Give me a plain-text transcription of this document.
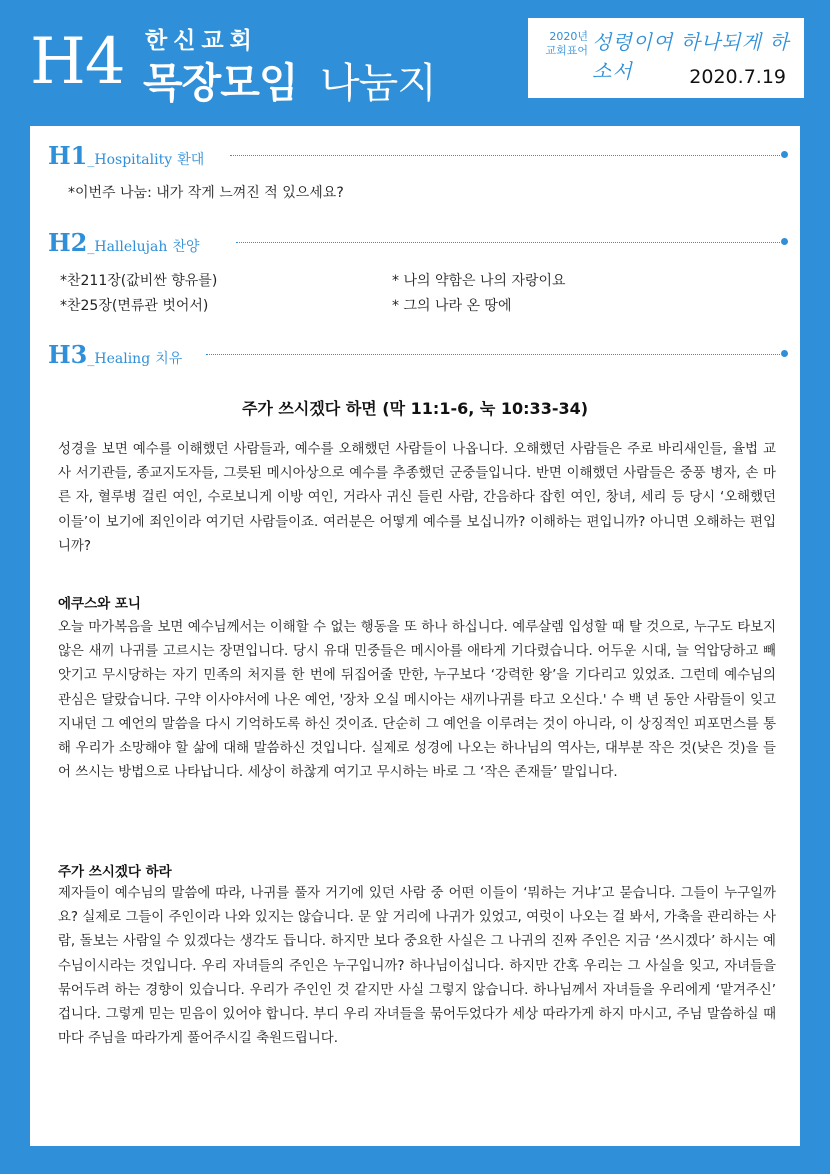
H4 한신교회
목장모임 나눔지
2020년
교회표어 성령이여 하나되게 하소서	2020.7.19
H1_Hospitality 환대
*이번주 나눔: 내가 작게 느껴진 적 있으세요?
H2_Hallelujah 찬양
*찬211장(값비싼 향유를)
*찬25장(면류관 벗어서)
* 나의 약함은 나의 자랑이요
* 그의 나라 온 땅에
H3_Healing 치유
주가 쓰시겠다 하면 (막 11:1-6, 눅 10:33-34)

성경을 보면 예수를 이해했던 사람들과, 예수를 오해했던 사람들이 나옵니다. 오해했던 사람들은 주로 바리새인들, 율법 교사 서기관들, 종교지도자들, 그릇된 메시아상으로 예수를 추종했던 군중들입니다. 반면 이해했던 사람들은 중풍 병자, 손 마른 자, 혈루병 걸린 여인, 수로보니게 이방 여인, 거라사 귀신 들린 사람, 간음하다 잡힌 여인, 창녀, 세리 등 당시 ‘오해했던 이들’이 보기에 죄인이라 여기던 사람들이죠. 여러분은 어떻게 예수를 보십니까? 이해하는 편입니까? 아니면 오해하는 편입니까?

에쿠스와 포니

오늘 마가복음을 보면 예수님께서는 이해할 수 없는 행동을 또 하나 하십니다. 예루살렘 입성할 때 탈 것으로, 누구도 타보지 않은 새끼 나귀를 고르시는 장면입니다. 당시 유대 민중들은 메시아를 애타게 기다렸습니다. 어두운 시대, 늘 억압당하고 빼앗기고 무시당하는 자기 민족의 처지를 한 번에 뒤집어줄 만한, 누구보다 ‘강력한 왕’을 기다리고 있었죠. 그런데 예수님의 관심은 달랐습니다. 구약 이사야서에 나온 예언, '장차 오실 메시아는 새끼나귀를 타고 오신다.' 수 백 년 동안 사람들이 잊고 지내던 그 예언의 말씀을 다시 기억하도록 하신 것이죠. 단순히 그 예언을 이루려는 것이 아니라, 이 상징적인 피포먼스를 통해 우리가 소망해야 할 삶에 대해 말씀하신 것입니다. 실제로 성경에 나오는 하나님의 역사는, 대부분 작은 것(낮은 것)을 들어 쓰시는 방법으로 나타납니다. 세상이 하찮게 여기고 무시하는 바로 그 ‘작은 존재들’ 말입니다.

주가 쓰시겠다 하라

제자들이 예수님의 말씀에 따라, 나귀를 풀자 거기에 있던 사람 중 어떤 이들이 ‘뭐하는 거냐’고 묻습니다. 그들이 누구일까요? 실제로 그들이 주인이라 나와 있지는 않습니다. 문 앞 거리에 나귀가 있었고, 여럿이 나오는 걸 봐서, 가축을 관리하는 사람, 돌보는 사람일 수 있겠다는 생각도 듭니다. 하지만 보다 중요한 사실은 그 나귀의 진짜 주인은 지금 ‘쓰시겠다’ 하시는 예수님이시라는 것입니다. 우리 자녀들의 주인은 누구입니까? 하나님이십니다. 하지만 간혹 우리는 그 사실을 잊고, 자녀들을 묶어두려 하는 경향이 있습니다. 우리가 주인인 것 같지만 사실 그렇지 않습니다. 하나님께서 자녀들을 우리에게 ‘맡겨주신’ 겁니다. 그렇게 믿는 믿음이 있어야 합니다. 부디 우리 자녀들을 묶어두었다가 세상 따라가게 하지 마시고, 주님 말씀하실 때마다 주님을 따라가게 풀어주시길 축원드립니다.
